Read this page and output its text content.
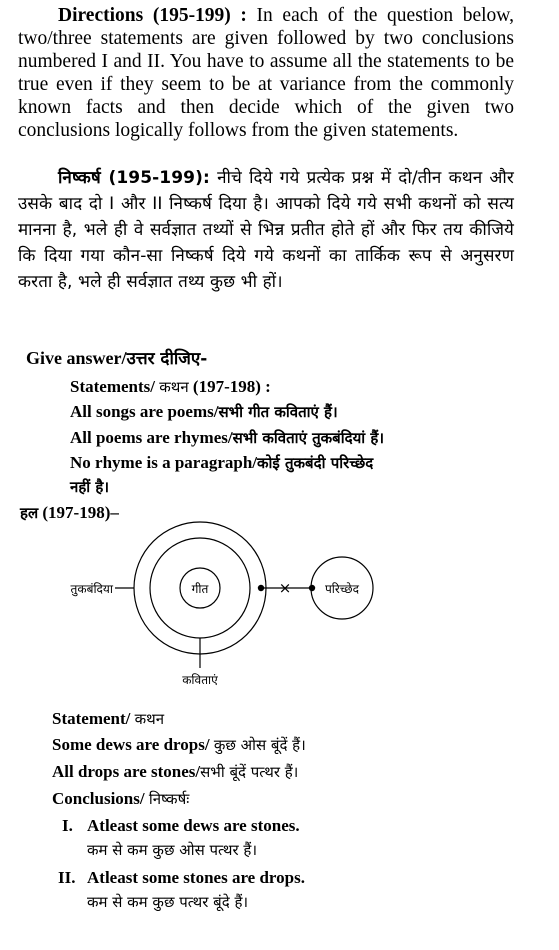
Directions (195-199) : In each of the question below, two/three statements are given followed by two conclusions numbered I and II. You have to assume all the statements to be true even if they seem to be at variance from the commonly known facts and then decide which of the given two conclusions logically follows from the given statements.

निष्कर्ष (195-199): नीचे दिये गये प्रत्येक प्रश्न में दो/तीन कथन और उसके बाद दो I और II निष्कर्ष दिया है। आपको दिये गये सभी कथनों को सत्य मानना है, भले ही वे सर्वज्ञात तथ्यों से भिन्न प्रतीत होते हों और फिर तय कीजिये कि दिया गया कौन-सा निष्कर्ष दिये गये कथनों का तार्किक रूप से अनुसरण करता है, भले ही सर्वज्ञात तथ्य कुछ भी हों।

Give answer/उत्तर दीजिए-

Statements/ कथन (197-198) :

All songs are poems/सभी गीत कविताएं हैं।

All poems are rhymes/सभी कविताएं तुकबंदियां हैं।

No rhyme is a paragraph/कोई तुकबंदी परिच्छेद

नहीं है।

हल (197-198)–

गीत
तुकबंदिया
कविताएं
×	परिच्छेद

Statement/ कथन

Some dews are drops/ कुछ ओस बूंदें हैं।

All drops are stones/सभी बूंदें पत्थर हैं।

Conclusions/ निष्कर्षः

I. Atleast some dews are stones.

कम से कम कुछ ओस पत्थर हैं।

II. Atleast some stones are drops.

कम से कम कुछ पत्थर बूंदे हैं।
